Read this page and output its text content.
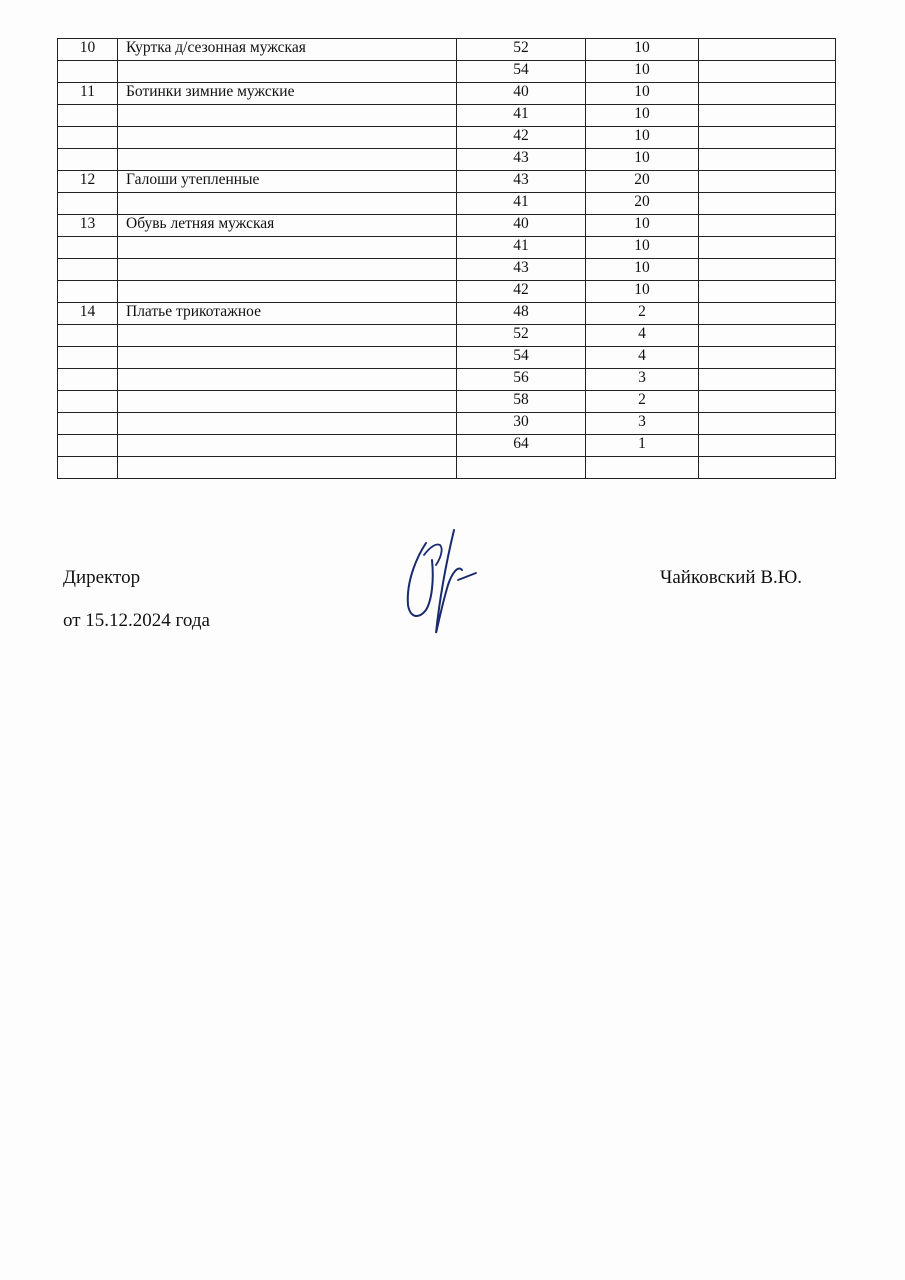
10	Куртка д/сезонная мужская	52	10	
		54	10	
11	Ботинки зимние мужские	40	10	
		41	10	
		42	10	
		43	10	
12	Галоши утепленные	43	20	
		41	20	
13	Обувь летняя мужская	40	10	
		41	10	
		43	10	
		42	10	
14	Платье трикотажное	48	2	
		52	4	
		54	4	
		56	3	
		58	2	
		30	3	
		64	1	

Директор
от 15.12.2024 года
Чайковский В.Ю.
